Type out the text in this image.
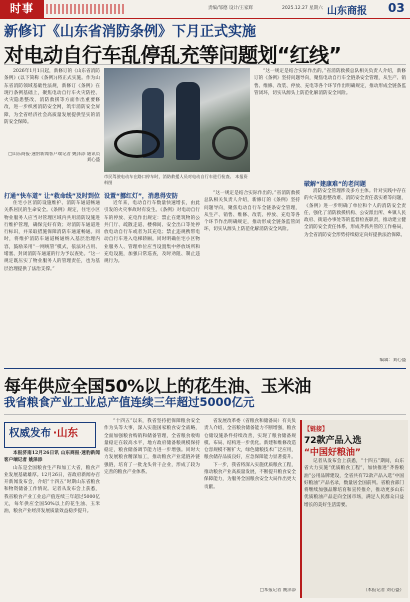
时事	责编/邹德 设计/王家辉	2025.12.27 星期六 山东商报 03
新修订《山东省消防条例》下月正式实施
对电动自行车乱停乱充等问题划“红线”

2026年1月1日起，新修订的《山东省消防条例》(以下简称《条例》)将正式实施。作为山东省消防领域基础性法规，新修订《条例》在现行条例基础上，聚焦电动自行车火灾防控、火灾隐患整改、消防救援等方面作出重要修改，进一步织密消防安全网，筑牢消防安全屏障，为全省经济社会高质量发展提供坚实的消防安全保障。

□山东商报·速豹新闻客户端记者 姚泽添 通讯员 刘心盛
市民驾驶电动车在路口停车时，消防救援人员对电动自行车进行检查。 本报资料图
打通“快车道” 让“救命线”及时到位

住宅小区消防设施维护、消防车通道畅通关系居民的生命安全。《条例》规定，住宅小区物业服务人应当对管理区域内共用消防设施进行维护管理，确保完好有效；对消防车通道进行标识，并采取措施保障消防车通道畅通。同时，将维护消防车通道畅通纳入基层治理内容，鼓励采用“一网统管”模式，依法对占用、堵塞、封闭消防车通道的行为予以查处。“这一规定既压实了物业服务人的管理责任，也为基层治理提供了法治支撑。”

设置“挪红灯”，消患得安防

近年来，电动自行车数量快速增长，由此引发的火灾事故时有发生。《条例》对电动自行车的停放、充电作出规定：禁止在建筑物的公共门厅、疏散走道、楼梯间、安全出口等处停放电动自行车或者为其充电；禁止违规携带电动自行车进入电梯轿厢。同时明确住宅小区物业服务人、管理单位应当设置集中停放场所和充电设施，加强日常巡查，及时劝阻、制止违规行为。

“这一规定是结合实际作出的。”省消防救援总队相关负责人介绍，新修订的《条例》坚持问题导向，聚焦电动自行车全链条安全管理，从生产、销售、维修、改装、停放、充电等各个环节作出明确规定，推动形成全链条监管闭环，切实从源头上防范化解消防安全风险。

“这一规定是结合实际作出的。”省消防救援总队相关负责人介绍，新修订的《条例》坚持问题导向，聚焦电动自行车全链条安全管理，从生产、销售、维修、改装、停放、充电等各个环节作出明确规定，推动形成全链条监管闭环，切实从源头上防范化解消防安全风险。

破解“建康难”的老问题

消防安全管理涉及多方主体。针对实践中存在的火灾隐患整改难、消防安全责任落实难等问题，《条例》进一步明确了单位和个人的消防安全责任，强化了消防救援机构、公安派出所、乡镇人民政府、街道办事处等的监督检查职责，推动建立健全消防安全责任体系，形成齐抓共管的工作格局，为全省消防安全形势持续稳定向好提供法治保障。

编辑：刘心盛
每年供应全国50%以上的花生油、玉米油
我省粮食产业工业总产值连续三年超过5000亿元
权威发布 ·山东

本报济南12月26日讯 山东商报·速豹新闻客户端记者 姚泽添

山东是全国粮食生产和加工大省，粮食产业发展基础雄厚。12月26日，省政府新闻办召开新闻发布会，介绍“十四五”时期山东省粮食和物资储备工作情况。记者从发布会上获悉，我省粮食产业工业总产值连续三年超过5000亿元，每年供应全国50%以上的花生油、玉米油，粮食产业经济发展质量效益稳步提升。

“十四五”以来，我省坚持把保障粮食安全作为头等大事，深入实施国家粮食安全战略，全面加强粮食购销和储备管理，全省粮食收购量稳定在较高水平，地方政府储备粮规模保持稳定，粮食储备调节能力进一步增强。同时大力发展粮食精深加工，推动粮食产业延链补链强链，培育了一批龙头骨干企业，形成了较为完善的粮食产业体系。

省发展改革委（省粮食和储备局）有关负责人介绍，全省粮食储备能力不断增强，粮食仓储设施条件持续改善，实现了粮食储备规模、布局、结构进一步优化。新建和维修改造仓容规模不断扩大，绿色储粮技术广泛应用，粮食储存品质良好，应急保障能力显著提升。

下一步，我省将深入实施优质粮食工程，推动粮食产业高质量发展，不断提升粮食安全保障能力，为服务全国粮食安全大局作出更大贡献。

□本报记者 姚泽添
【链接】
72款产品入选
“中国好粮油”

记者从发布会上获悉，“十四五”期间，山东省大力实施“优质粮食工程”，加快推进“齐鲁粮油”公用品牌建设，全省共有72款产品入选“中国好粮油”产品名录，数量居全国前列。省粮食部门将继续加强品牌培育和宣传推介，推动更多山东优质粮油产品走向全国市场，满足人民群众日益增长的美好生活需要。

（本报记者 刘心盛）
